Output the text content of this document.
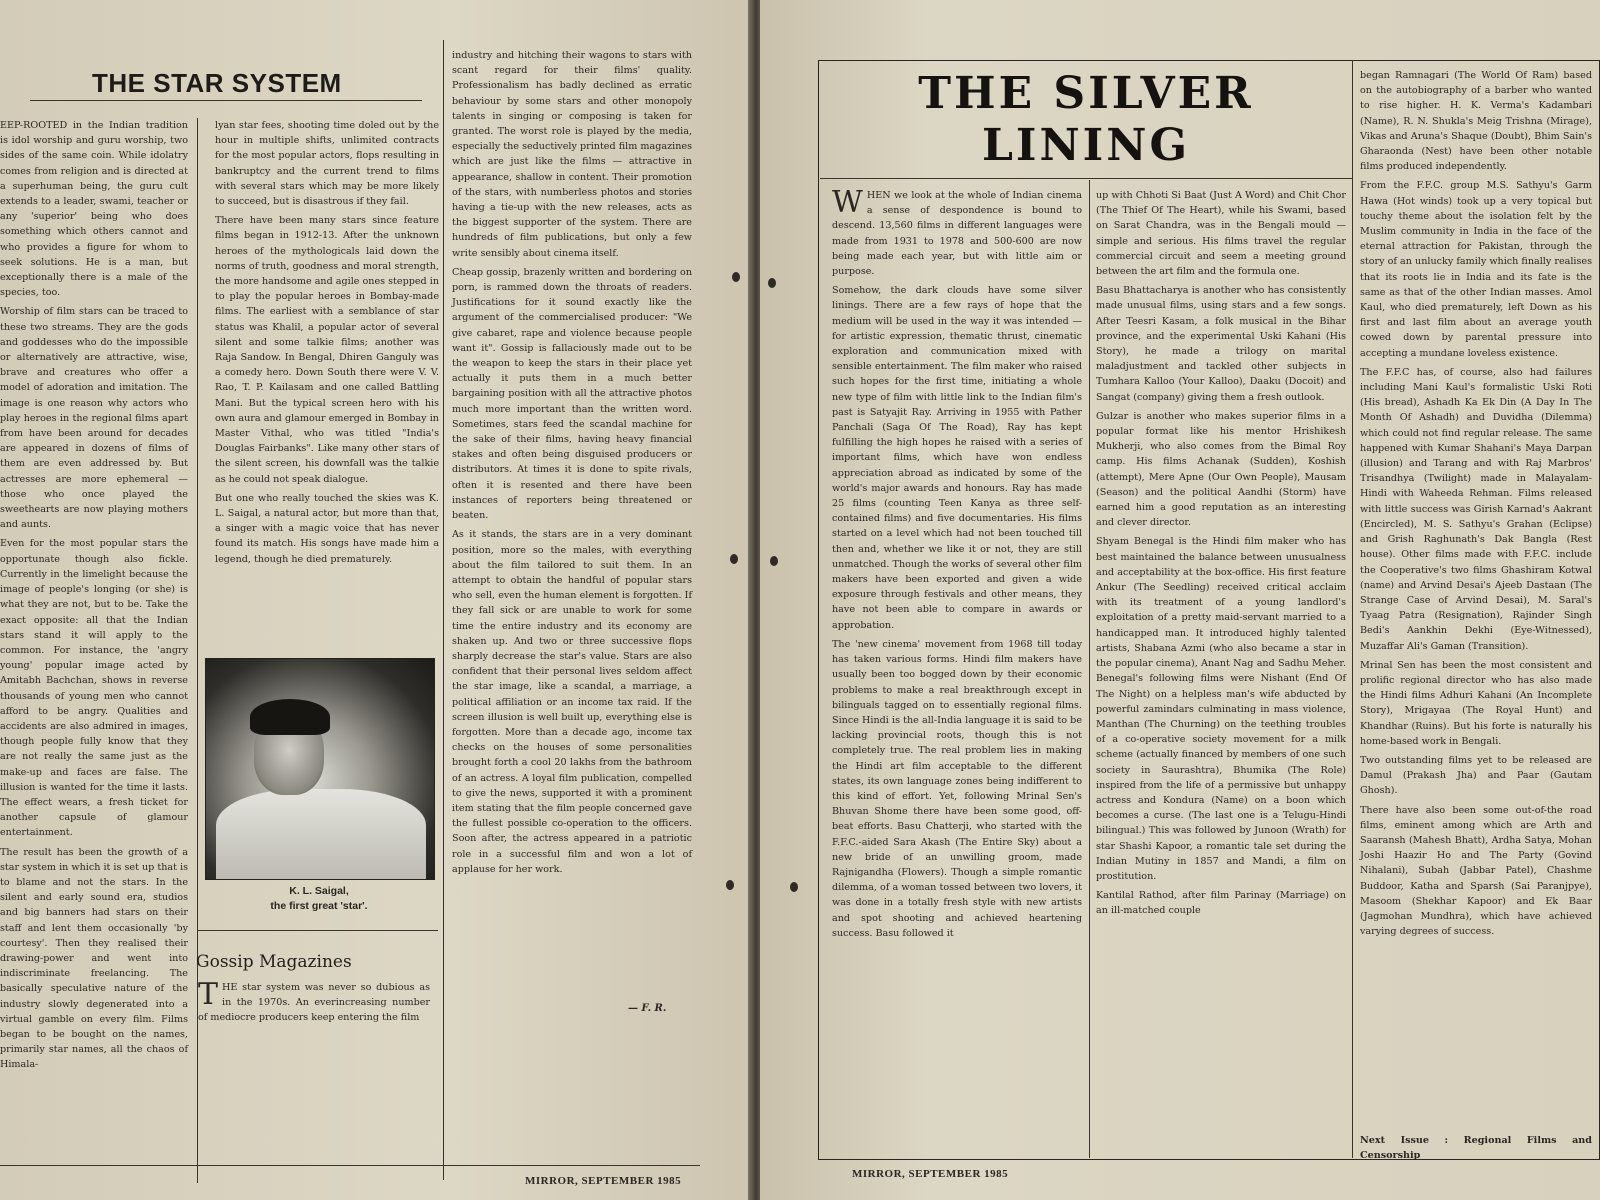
THE STAR SYSTEM

EEP-ROOTED in the Indian tradition is idol worship and guru worship, two sides of the same coin. While idolatry comes from religion and is directed at a superhuman being, the guru cult extends to a leader, swami, teacher or any 'superior' being who does something which others cannot and who provides a figure for whom to seek solutions. He is a man, but exceptionally there is a male of the species, too.

Worship of film stars can be traced to these two streams. They are the gods and goddesses who do the impossible or alternatively are attractive, wise, brave and creatures who offer a model of adoration and imitation. The image is one reason why actors who play heroes in the regional films apart from have been around for decades are appeared in dozens of films of them are even addressed by. But actresses are more ephemeral — those who once played the sweethearts are now playing mothers and aunts.

Even for the most popular stars the opportunate though also fickle. Currently in the limelight because the image of people's longing (or she) is what they are not, but to be. Take the exact opposite: all that the Indian stars stand it will apply to the common. For instance, the 'angry young' popular image acted by Amitabh Bachchan, shows in reverse thousands of young men who cannot afford to be angry. Qualities and accidents are also admired in images, though people fully know that they are not really the same just as the make-up and faces are false. The illusion is wanted for the time it lasts. The effect wears, a fresh ticket for another capsule of glamour entertainment.

The result has been the growth of a star system in which it is set up that is to blame and not the stars. In the silent and early sound era, studios and big banners had stars on their staff and lent them occasionally 'by courtesy'. Then they realised their drawing-power and went into indiscriminate freelancing. The basically speculative nature of the industry slowly degenerated into a virtual gamble on every film. Films began to be bought on the names, primarily star names, all the chaos of Himala-

lyan star fees, shooting time doled out by the hour in multiple shifts, unlimited contracts for the most popular actors, flops resulting in bankruptcy and the current trend to films with several stars which may be more likely to succeed, but is disastrous if they fail.

There have been many stars since feature films began in 1912-13. After the unknown heroes of the mythologicals laid down the norms of truth, goodness and moral strength, the more handsome and agile ones stepped in to play the popular heroes in Bombay-made films. The earliest with a semblance of star status was Khalil, a popular actor of several silent and some talkie films; another was Raja Sandow. In Bengal, Dhiren Ganguly was a comedy hero. Down South there were V. V. Rao, T. P. Kailasam and one called Battling Mani. But the typical screen hero with his own aura and glamour emerged in Bombay in Master Vithal, who was titled "India's Douglas Fairbanks". Like many other stars of the silent screen, his downfall was the talkie as he could not speak dialogue.

But one who really touched the skies was K. L. Saigal, a natural actor, but more than that, a singer with a magic voice that has never found its match. His songs have made him a legend, though he died prematurely.

K. L. Saigal,
the first great 'star'.
Gossip Magazines
THE star system was never so dubious as in the 1970s. An everincreasing number of mediocre producers keep entering the film

industry and hitching their wagons to stars with scant regard for their films' quality. Professionalism has badly declined as erratic behaviour by some stars and other monopoly talents in singing or composing is taken for granted. The worst role is played by the media, especially the seductively printed film magazines which are just like the films — attractive in appearance, shallow in content. Their promotion of the stars, with numberless photos and stories having a tie-up with the new releases, acts as the biggest supporter of the system. There are hundreds of film publications, but only a few write sensibly about cinema itself.

Cheap gossip, brazenly written and bordering on porn, is rammed down the throats of readers. Justifications for it sound exactly like the argument of the commercialised producer: "We give cabaret, rape and violence because people want it". Gossip is fallaciously made out to be the weapon to keep the stars in their place yet actually it puts them in a much better bargaining position with all the attractive photos much more important than the written word. Sometimes, stars feed the scandal machine for the sake of their films, having heavy financial stakes and often being disguised producers or distributors. At times it is done to spite rivals, often it is resented and there have been instances of reporters being threatened or beaten.

As it stands, the stars are in a very dominant position, more so the males, with everything about the film tailored to suit them. In an attempt to obtain the handful of popular stars who sell, even the human element is forgotten. If they fall sick or are unable to work for some time the entire industry and its economy are shaken up. And two or three successive flops sharply decrease the star's value. Stars are also confident that their personal lives seldom affect the star image, like a scandal, a marriage, a political affiliation or an income tax raid. If the screen illusion is well built up, everything else is forgotten. More than a decade ago, income tax checks on the houses of some personalities brought forth a cool 20 lakhs from the bathroom of an actress. A loyal film publication, compelled to give the news, supported it with a prominent item stating that the film people concerned gave the fullest possible co-operation to the officers. Soon after, the actress appeared in a patriotic role in a successful film and won a lot of applause for her work.

— F. R.
MIRROR, SEPTEMBER 1985
THE SILVER
LINING
W HEN we look at the whole of Indian cinema a sense of despondence is bound to descend. 13,560 films in different languages were made from 1931 to 1978 and 500-600 are now being made each year, but with little aim or purpose.

Somehow, the dark clouds have some silver linings. There are a few rays of hope that the medium will be used in the way it was intended — for artistic expression, thematic thrust, cinematic exploration and communication mixed with sensible entertainment. The film maker who raised such hopes for the first time, initiating a whole new type of film with little link to the Indian film's past is Satyajit Ray. Arriving in 1955 with Pather Panchali (Saga Of The Road), Ray has kept fulfilling the high hopes he raised with a series of important films, which have won endless appreciation abroad as indicated by some of the world's major awards and honours. Ray has made 25 films (counting Teen Kanya as three self-contained films) and five documentaries. His films started on a level which had not been touched till then and, whether we like it or not, they are still unmatched. Though the works of several other film makers have been exported and given a wide exposure through festivals and other means, they have not been able to compare in awards or approbation.

The 'new cinema' movement from 1968 till today has taken various forms. Hindi film makers have usually been too bogged down by their economic problems to make a real breakthrough except in bilinguals tagged on to essentially regional films. Since Hindi is the all-India language it is said to be lacking provincial roots, though this is not completely true. The real problem lies in making the Hindi art film acceptable to the different states, its own language zones being indifferent to this kind of effort. Yet, following Mrinal Sen's Bhuvan Shome there have been some good, off-beat efforts. Basu Chatterji, who started with the F.F.C.-aided Sara Akash (The Entire Sky) about a new bride of an unwilling groom, made Rajnigandha (Flowers). Though a simple romantic dilemma, of a woman tossed between two lovers, it was done in a totally fresh style with new artists and spot shooting and achieved heartening success. Basu followed it

up with Chhoti Si Baat (Just A Word) and Chit Chor (The Thief Of The Heart), while his Swami, based on Sarat Chandra, was in the Bengali mould — simple and serious. His films travel the regular commercial circuit and seem a meeting ground between the art film and the formula one.

Basu Bhattacharya is another who has consistently made unusual films, using stars and a few songs. After Teesri Kasam, a folk musical in the Bihar province, and the experimental Uski Kahani (His Story), he made a trilogy on marital maladjustment and tackled other subjects in Tumhara Kalloo (Your Kalloo), Daaku (Docoit) and Sangat (company) giving them a fresh outlook.

Gulzar is another who makes superior films in a popular format like his mentor Hrishikesh Mukherji, who also comes from the Bimal Roy camp. His films Achanak (Sudden), Koshish (attempt), Mere Apne (Our Own People), Mausam (Season) and the political Aandhi (Storm) have earned him a good reputation as an interesting and clever director.

Shyam Benegal is the Hindi film maker who has best maintained the balance between unusualness and acceptability at the box-office. His first feature Ankur (The Seedling) received critical acclaim with its treatment of a young landlord's exploitation of a pretty maid-servant married to a handicapped man. It introduced highly talented artists, Shabana Azmi (who also became a star in the popular cinema), Anant Nag and Sadhu Meher. Benegal's following films were Nishant (End Of The Night) on a helpless man's wife abducted by powerful zamindars culminating in mass violence, Manthan (The Churning) on the teething troubles of a co-operative society movement for a milk scheme (actually financed by members of one such society in Saurashtra), Bhumika (The Role) inspired from the life of a permissive but unhappy actress and Kondura (Name) on a boon which becomes a curse. (The last one is a Telugu-Hindi bilingual.) This was followed by Junoon (Wrath) for star Shashi Kapoor, a romantic tale set during the Indian Mutiny in 1857 and Mandi, a film on prostitution.

Kantilal Rathod, after film Parinay (Marriage) on an ill-matched couple

began Ramnagari (The World Of Ram) based on the autobiography of a barber who wanted to rise higher. H. K. Verma's Kadambari (Name), R. N. Shukla's Meig Trishna (Mirage), Vikas and Aruna's Shaque (Doubt), Bhim Sain's Gharaonda (Nest) have been other notable films produced independently.

From the F.F.C. group M.S. Sathyu's Garm Hawa (Hot winds) took up a very topical but touchy theme about the isolation felt by the Muslim community in India in the face of the eternal attraction for Pakistan, through the story of an unlucky family which finally realises that its roots lie in India and its fate is the same as that of the other Indian masses. Amol Kaul, who died prematurely, left Down as his first and last film about an average youth cowed down by parental pressure into accepting a mundane loveless existence.

The F.F.C has, of course, also had failures including Mani Kaul's formalistic Uski Roti (His bread), Ashadh Ka Ek Din (A Day In The Month Of Ashadh) and Duvidha (Dilemma) which could not find regular release. The same happened with Kumar Shahani's Maya Darpan (illusion) and Tarang and with Raj Marbros' Trisandhya (Twilight) made in Malayalam-Hindi with Waheeda Rehman. Films released with little success was Girish Karnad's Aakrant (Encircled), M. S. Sathyu's Grahan (Eclipse) and Grish Raghunath's Dak Bangla (Rest house). Other films made with F.F.C. include the Cooperative's two films Ghashiram Kotwal (name) and Arvind Desai's Ajeeb Dastaan (The Strange Case of Arvind Desai), M. Saral's Tyaag Patra (Resignation), Rajinder Singh Bedi's Aankhin Dekhi (Eye-Witnessed), Muzaffar Ali's Gaman (Transition).

Mrinal Sen has been the most consistent and prolific regional director who has also made the Hindi films Adhuri Kahani (An Incomplete Story), Mrigayaa (The Royal Hunt) and Khandhar (Ruins). But his forte is naturally his home-based work in Bengali.

Two outstanding films yet to be released are Damul (Prakash Jha) and Paar (Gautam Ghosh).

There have also been some out-of-the road films, eminent among which are Arth and Saaransh (Mahesh Bhatt), Ardha Satya, Mohan Joshi Haazir Ho and The Party (Govind Nihalani), Subah (Jabbar Patel), Chashme Buddoor, Katha and Sparsh (Sai Paranjpye), Masoom (Shekhar Kapoor) and Ek Baar (Jagmohan Mundhra), which have achieved varying degrees of success.

Next Issue : Regional Films and Censorship
MIRROR, SEPTEMBER 1985
